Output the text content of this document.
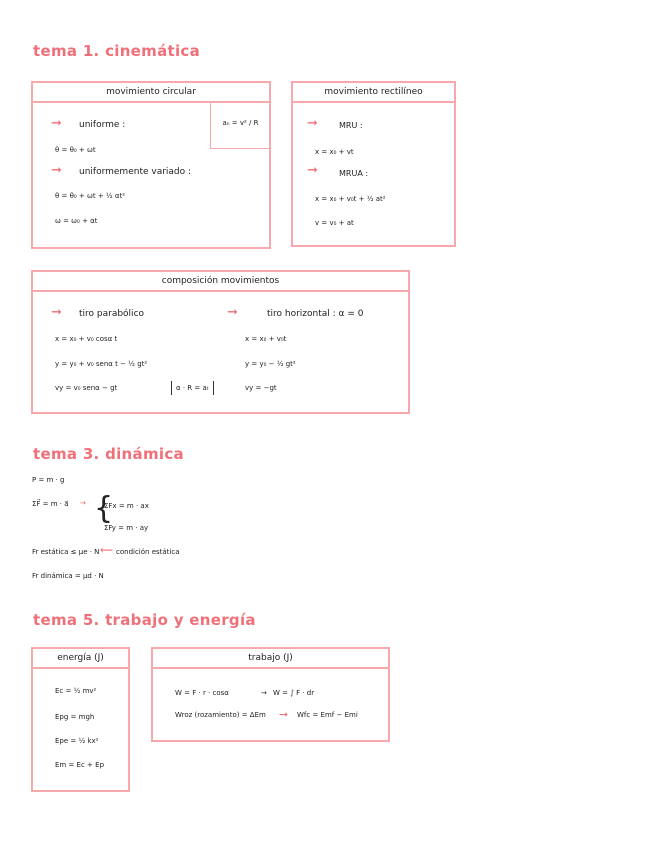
tema 1. cinemática
movimiento circular
➞ uniforme :
θ = θ₀ + ωt
➞ uniformemente variado :
θ = θ₀ + ωt + ½ αt²
ω = ω₀ + αt
aₙ = v² / R
movimiento rectilíneo
➞	MRU :
x = x₀ + vt
➞	MRUA :
x = x₀ + v₀t + ½ at²
v = v₀ + at
composición movimientos
➞ tiro parabólico
x = x₀ + v₀ cosα t
y = y₀ + v₀ senα t − ½ gt²
vy = v₀ senα − gt	α · R = aₜ
➞	tiro horizontal : α = 0
x = x₀ + v₀t
y = y₀ − ½ gt²
vy = −gt
tema 3. dinámica
P = m · g
ΣF⃗ = m · a⃗ → {
ΣFx = m · ax
ΣFy = m · ay
Fr estática ≤ μe · N ⟵ condición estática
Fr dinámica = μd · N
tema 5. trabajo y energía
energía (J)
Ec = ½ mv²
Epg = mgh
Epe = ½ kx²
Em = Ec + Ep
trabajo (J)
W = F · r · cosα	→ W = ∫ F · dr
Wroz (rozamiento) = ΔEm ➞ Wfc = Emf − Emi
